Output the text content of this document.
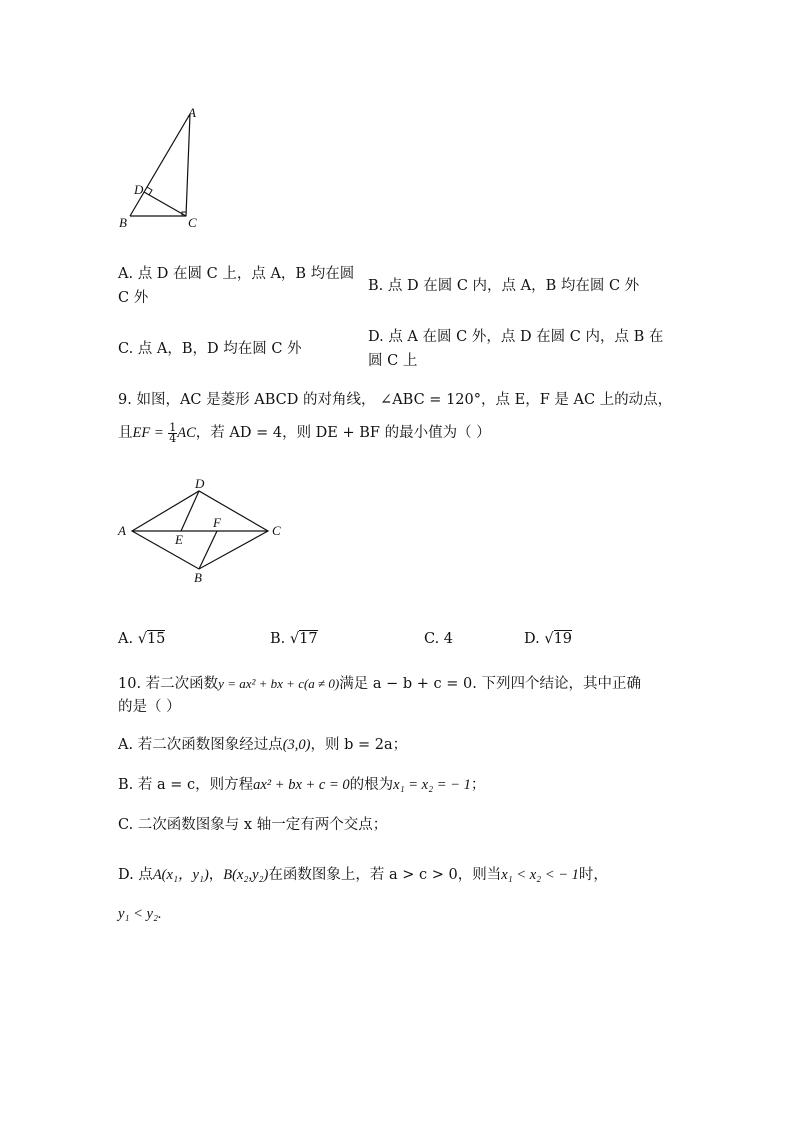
A
D
B	C
A. 点 D 在圆 C 上，点 A，B 均在圆
C 外
B. 点 D 在圆 C 内，点 A，B 均在圆 C 外
C. 点 A，B，D 均在圆 C 外
D. 点 A 在圆 C 外，点 D 在圆 C 内，点 B 在
圆 C 上
9. 如图，AC 是菱形 ABCD 的对角线， ∠ABC = 120°，点 E，F 是 AC 上的动点，
且EF = $\frac{1}{4}$ AC，若 AD = 4，则 DE + BF 的最小值为（ ）
D
A	C
E
F
B
A. √15	B. √17	C. 4	D. √19
10. 若二次函数y = ax² + bx + c(a ≠ 0)满足 a − b + c = 0. 下列四个结论，其中正确
的是（ ）
A. 若二次函数图象经过点(3,0)，则 b = 2a；
B. 若 a = c，则方程ax² + bx + c = 0的根为x₁ = x₂ = − 1；
C. 二次函数图象与 x 轴一定有两个交点；
D. 点A(x₁，y₁)，B(x₂,y₂)在函数图象上，若 a > c > 0，则当x₁ < x₂ < − 1时，
y₁ < y₂.
